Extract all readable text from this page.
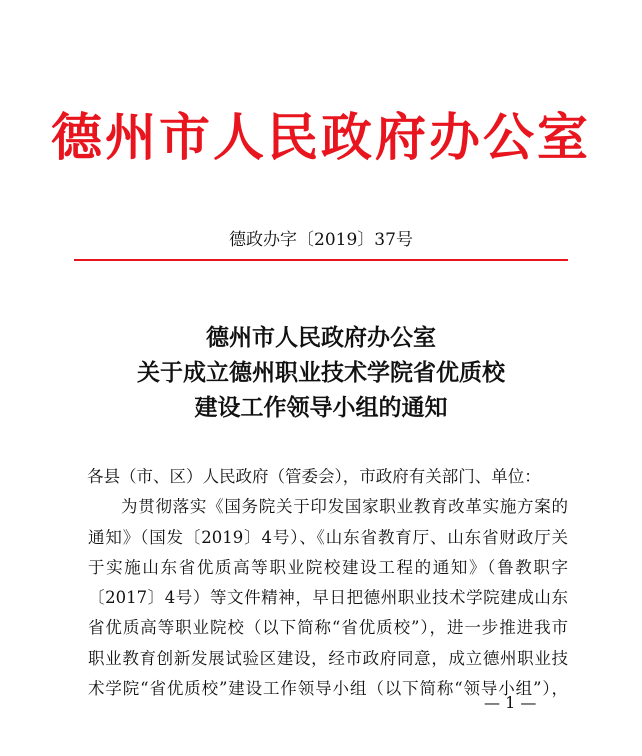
德州市人民政府办公室
德政办字〔2019〕37号
德州市人民政府办公室
关于成立德州职业技术学院省优质校
建设工作领导小组的通知

各县（市、区）人民政府（管委会），市政府有关部门、单位：

为贯彻落实《国务院关于印发国家职业教育改革实施方案的
通知》（国发〔2019〕4号）、《山东省教育厅、山东省财政厅关
于实施山东省优质高等职业院校建设工程的通知》（鲁教职字
〔2017〕4号）等文件精神，早日把德州职业技术学院建成山东
省优质高等职业院校（以下简称“省优质校”），进一步推进我市
职业教育创新发展试验区建设，经市政府同意，成立德州职业技
术学院“省优质校”建设工作领导小组（以下简称“领导小组”），

— 1 —
